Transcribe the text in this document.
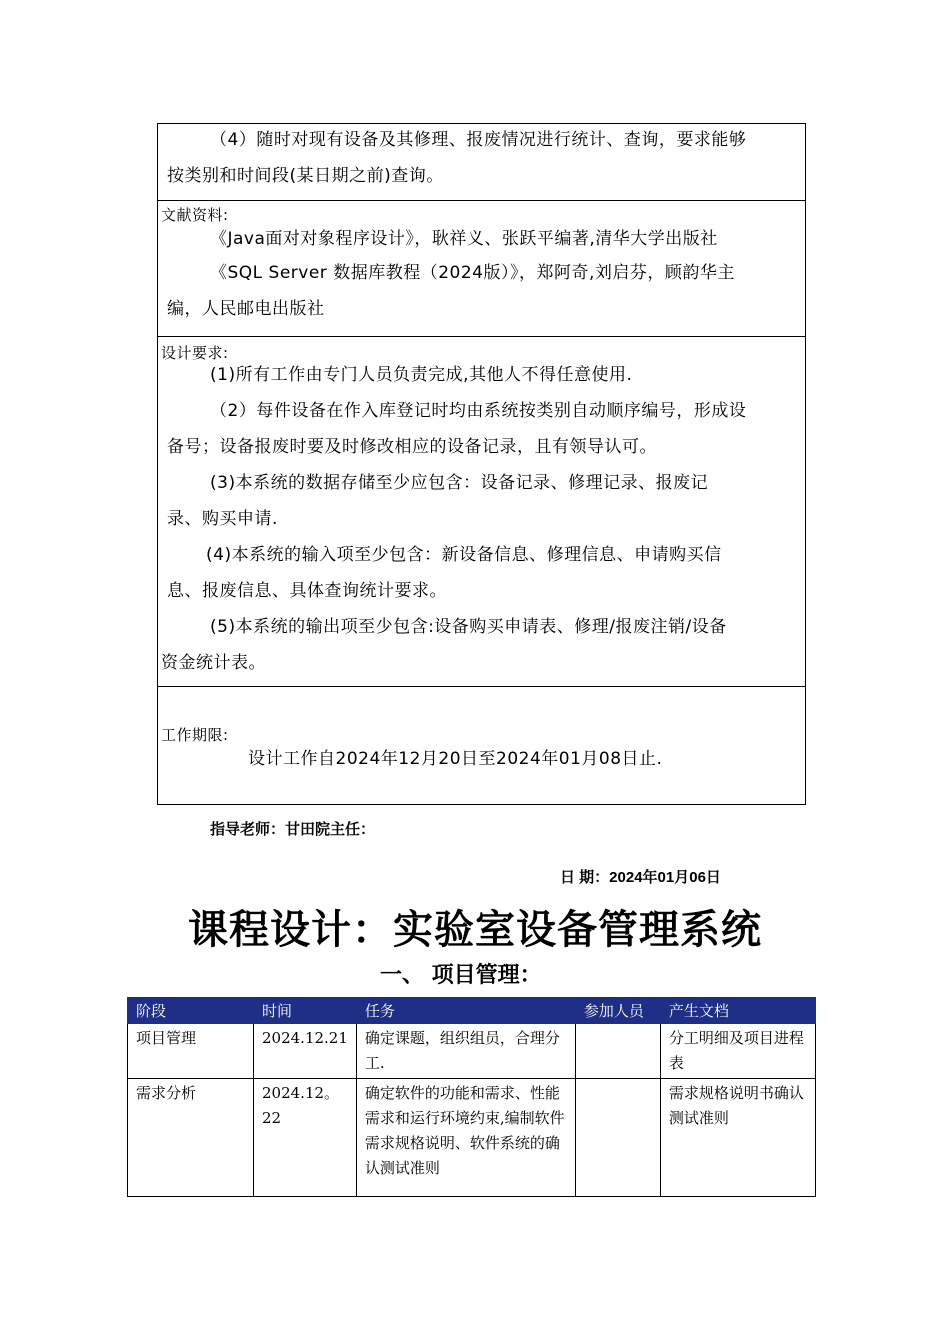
（4）随时对现有设备及其修理、报废情况进行统计、查询，要求能够
按类别和时间段(某日期之前)查询。
文献资料:
《Java面对对象程序设计》，耿祥义、张跃平编著,清华大学出版社
《SQL Server 数据库教程（2024版）》，郑阿奇,刘启芬，顾韵华主
编，人民邮电出版社
设计要求:
(1)所有工作由专门人员负责完成,其他人不得任意使用.
（2）每件设备在作入库登记时均由系统按类别自动顺序编号，形成设
备号；设备报废时要及时修改相应的设备记录，且有领导认可。
(3)本系统的数据存储至少应包含：设备记录、修理记录、报废记
录、购买申请.
(4)本系统的输入项至少包含：新设备信息、修理信息、申请购买信
息、报废信息、具体查询统计要求。
(5)本系统的输出项至少包含:设备购买申请表、修理/报废注销/设备
资金统计表。
工作期限:
设计工作自2024年12月20日至2024年01月08日止.
指导老师：甘田院主任：
日 期：2024年01月06日
课程设计：实验室设备管理系统
一、 项目管理：
阶段	时间	任务	参加人员	产生文档
项目管理	2024.12.21	确定课题，组织组员，合理分工.		分工明细及项目进程表
需求分析	2024.12。22	确定软件的功能和需求、性能需求和运行环境约束,编制软件需求规格说明、软件系统的确认测试准则		需求规格说明书确认测试准则
